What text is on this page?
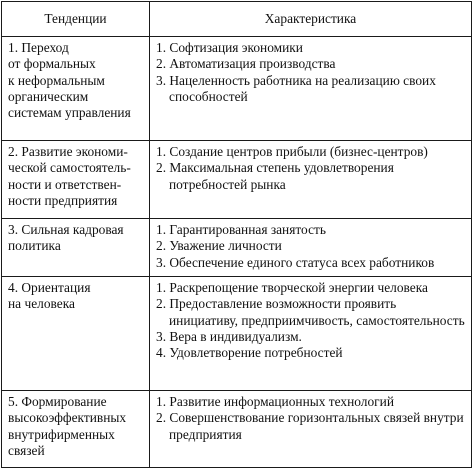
Тенденции	Характеристика

1. Переход
от формальных
к неформальным
органическим
системам управления	1. Софтизация экономики
2. Автоматизация производства
3. Нацеленность работника на реализацию своих способностей

2. Развитие экономи-
ческой самостоятель-
ности и ответствен-
ности предприятия	1. Создание центров прибыли (бизнес-центров)
2. Максимальная степень удовлетворения потребностей рынка

3. Сильная кадровая
политика	1. Гарантированная занятость
2. Уважение личности
3. Обеспечение единого статуса всех работников

4. Ориентация
на человека	1. Раскрепощение творческой энергии человека
2. Предоставление возможности проявить инициативу, предприимчивость, самостоятельность
3. Вера в индивидуализм.
4. Удовлетворение потребностей

5. Формирование
высокоэффективных
внутрифирменных
связей	1. Развитие информационных технологий
2. Совершенствование горизонтальных связей внутри предприятия
